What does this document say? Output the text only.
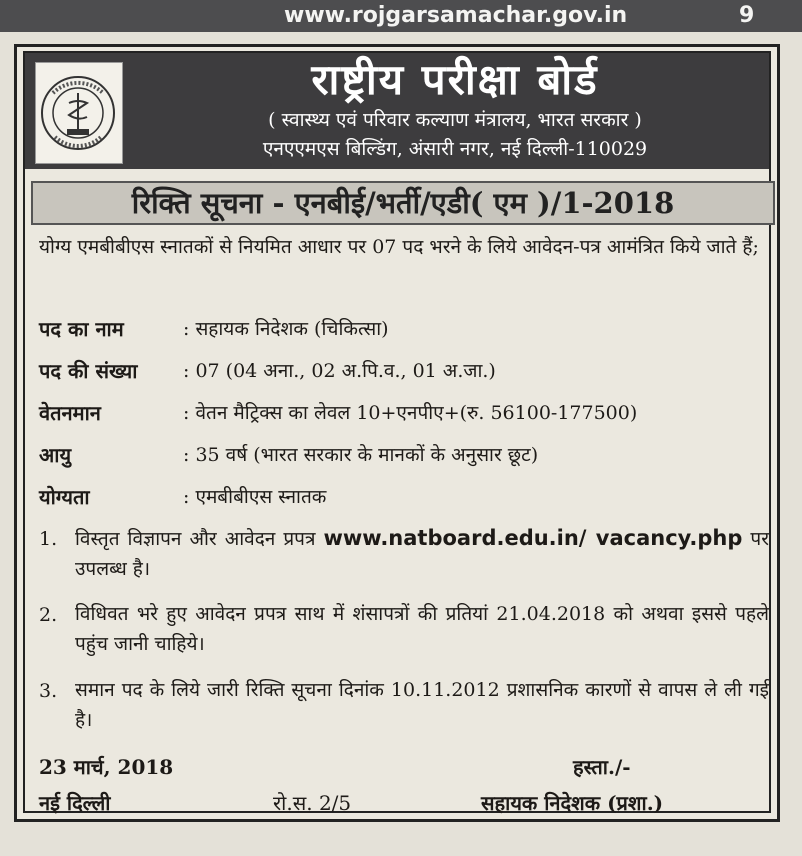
www.rojgarsamachar.gov.in	9
राष्ट्रीय परीक्षा बोर्ड
( स्वास्थ्य एवं परिवार कल्याण मंत्रालय, भारत सरकार )
एनएएमएस बिल्डिंग, अंसारी नगर, नई दिल्ली-110029
रिक्ति सूचना - एनबीई/भर्ती/एडी( एम )/1-2018
योग्य एमबीबीएस स्नातकों से नियमित आधार पर 07 पद भरने के लिये आवेदन-पत्र आमंत्रित किये जाते हैं;
पद का नाम	: सहायक निदेशक (चिकित्सा)
पद की संख्या : 07 (04 अना., 02 अ.पि.व., 01 अ.जा.)
वेतनमान	: वेतन मैट्रिक्स का लेवल 10+एनपीए+(रु. 56100-177500)
आयु	: 35 वर्ष (भारत सरकार के मानकों के अनुसार छूट)
योग्यता	: एमबीबीएस स्नातक
1. विस्तृत विज्ञापन और आवेदन प्रपत्र www.natboard.edu.in/ vacancy.php पर उपलब्ध है।
2. विधिवत भरे हुए आवेदन प्रपत्र साथ में शंसापत्रों की प्रतियां 21.04.2018 को अथवा इससे पहले पहुंच जानी चाहिये।
3. समान पद के लिये जारी रिक्ति सूचना दिनांक 10.11.2012 प्रशासनिक कारणों से वापस ले ली गई है।
23 मार्च, 2018
नई दिल्ली	रो.स. 2/5
हस्ता./-
सहायक निदेशक (प्रशा.)
